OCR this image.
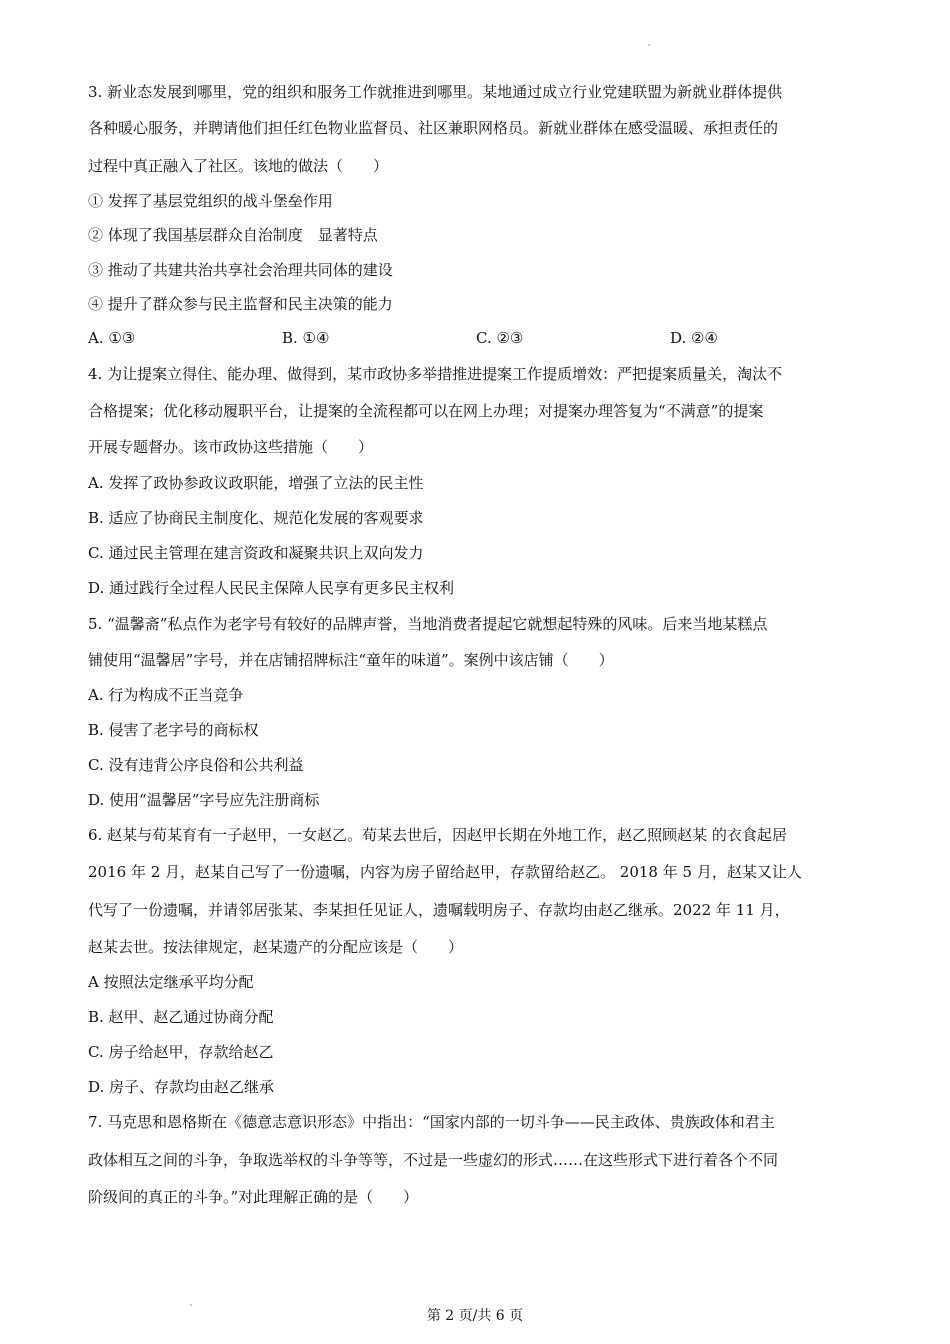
3. 新业态发展到哪里，党的组织和服务工作就推进到哪里。某地通过成立行业党建联盟为新就业群体提供
各种暖心服务，并聘请他们担任红色物业监督员、社区兼职网格员。新就业群体在感受温暖、承担责任的
过程中真正融入了社区。该地的做法（　　）
① 发挥了基层党组织的战斗堡垒作用
② 体现了我国基层群众自治制度　显著特点
③ 推动了共建共治共享社会治理共同体的建设
④ 提升了群众参与民主监督和民主决策的能力
A. ①③	B. ①④	C. ②③	D. ②④
4. 为让提案立得住、能办理、做得到，某市政协多举措推进提案工作提质增效：严把提案质量关，淘汰不
合格提案；优化移动履职平台，让提案的全流程都可以在网上办理；对提案办理答复为“不满意”的提案
开展专题督办。该市政协这些措施（　　）
A. 发挥了政协参政议政职能，增强了立法的民主性
B. 适应了协商民主制度化、规范化发展的客观要求
C. 通过民主管理在建言资政和凝聚共识上双向发力
D. 通过践行全过程人民民主保障人民享有更多民主权利
5. “温馨斋”私点作为老字号有较好的品牌声誉，当地消费者提起它就想起特殊的风味。后来当地某糕点
铺使用“温馨居”字号，并在店铺招牌标注“童年的味道”。案例中该店铺（　　）
A. 行为构成不正当竞争
B. 侵害了老字号的商标权
C. 没有违背公序良俗和公共利益
D. 使用“温馨居”字号应先注册商标
6. 赵某与荀某育有一子赵甲，一女赵乙。荀某去世后，因赵甲长期在外地工作，赵乙照顾赵某 的衣食起居
2016 年 2 月，赵某自己写了一份遗嘱，内容为房子留给赵甲，存款留给赵乙。 2018 年 5 月，赵某又让人
代写了一份遗嘱，并请邻居张某、李某担任见证人，遗嘱载明房子、存款均由赵乙继承。2022 年 11 月，
赵某去世。按法律规定，赵某遗产的分配应该是（　　）
A 按照法定继承平均分配
B. 赵甲、赵乙通过协商分配
C. 房子给赵甲，存款给赵乙
D. 房子、存款均由赵乙继承
7. 马克思和恩格斯在《德意志意识形态》中指出：“国家内部的一切斗争——民主政体、贵族政体和君主
政体相互之间的斗争，争取选举权的斗争等等，不过是一些虚幻的形式……在这些形式下进行着各个不同
阶级间的真正的斗争。”对此理解正确的是（　　）
第 2 页/共 6 页
